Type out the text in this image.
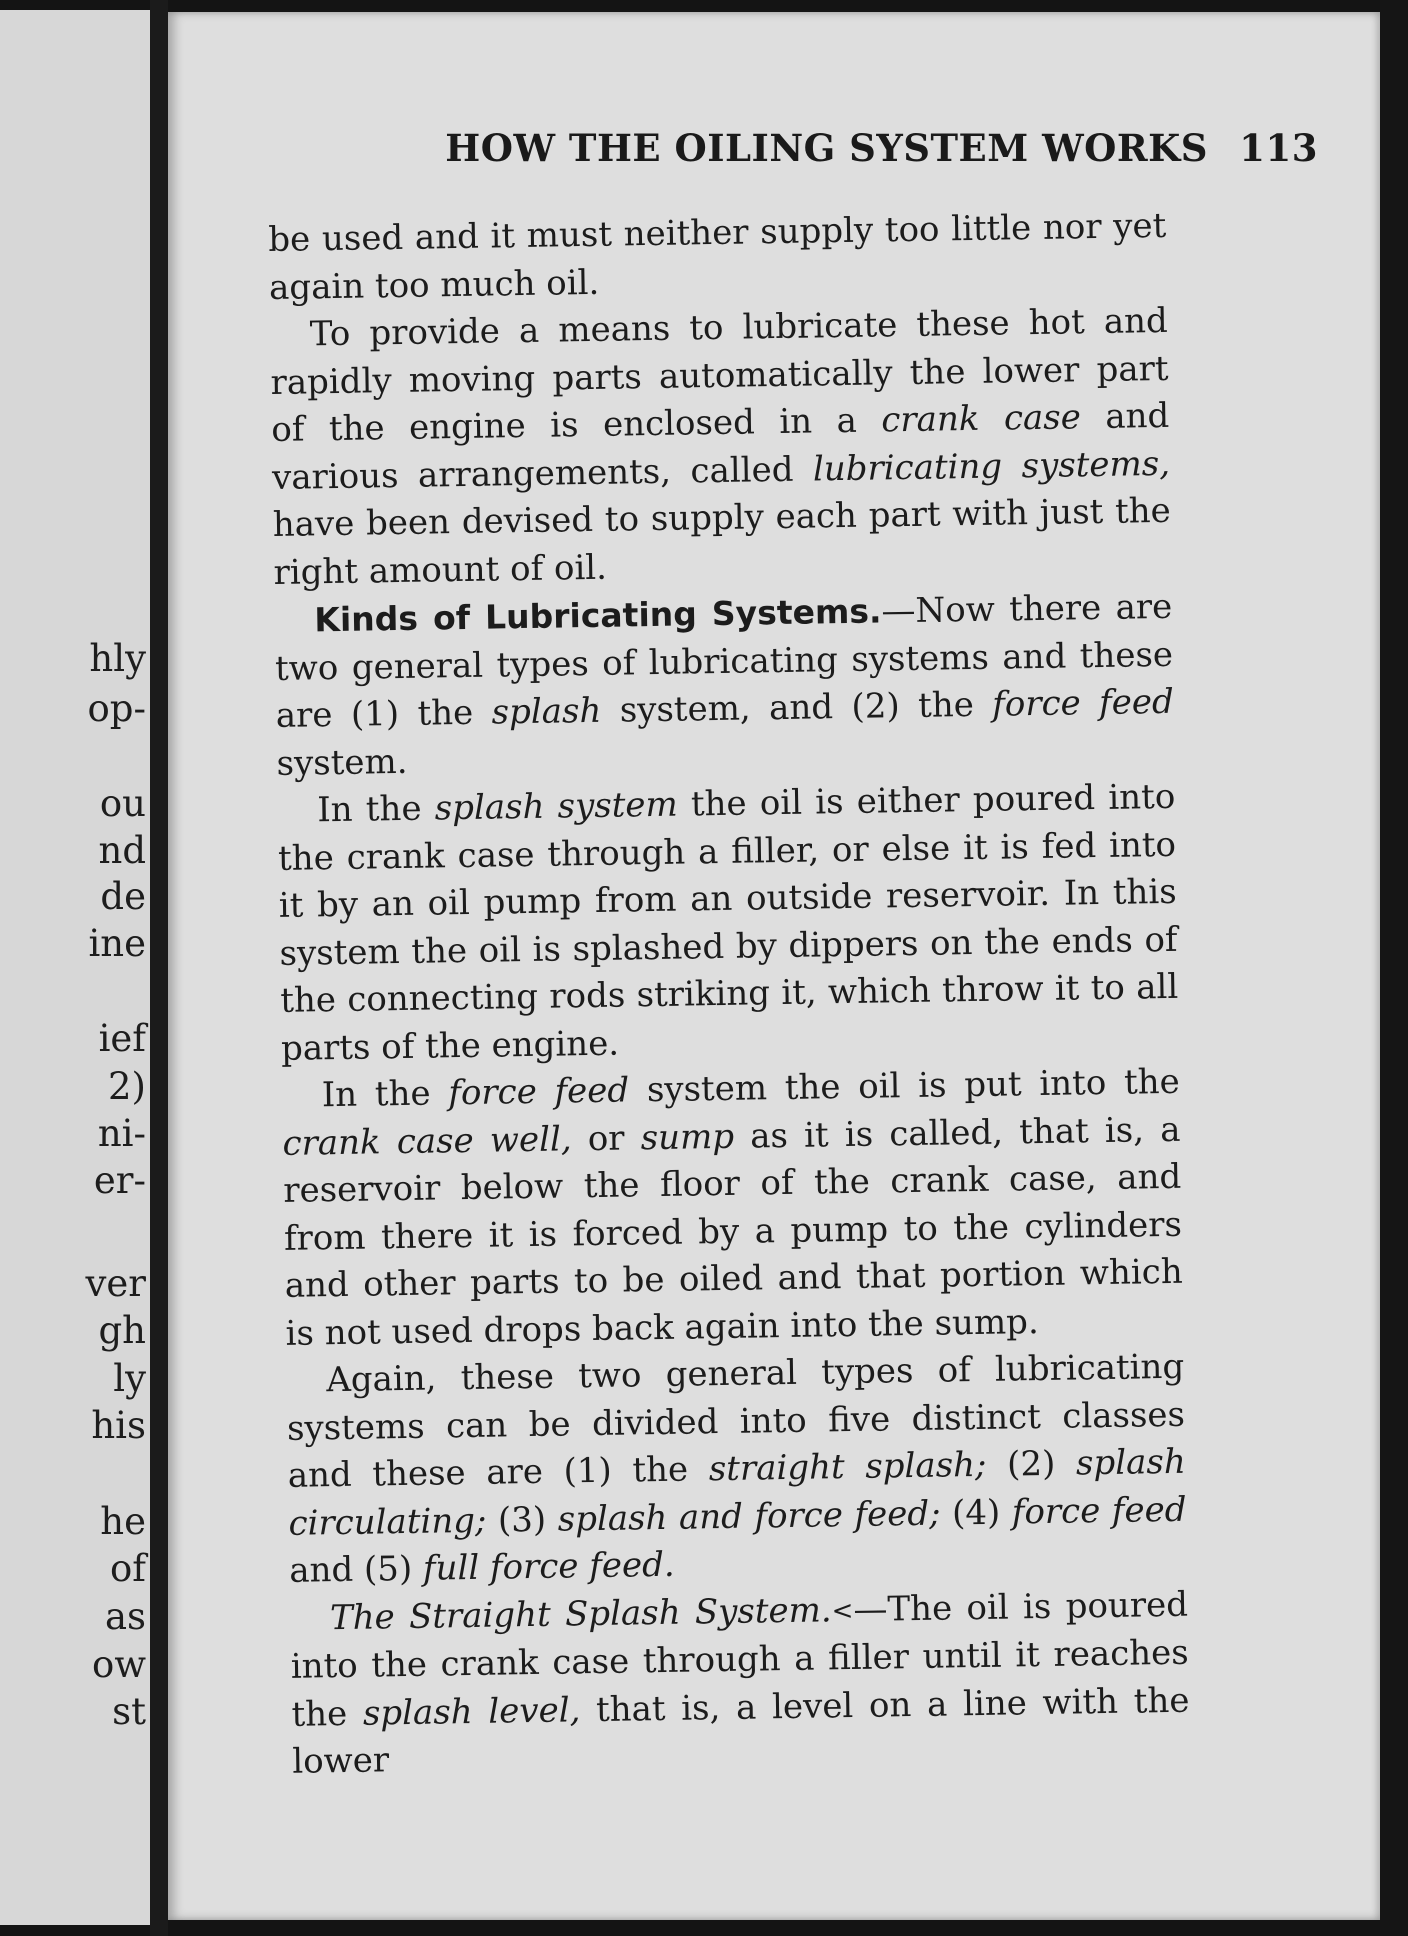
hly
op-
ou
nd
de
ine
ief
2)
ni-
er-
ver
gh
ly
his
he
of
as
ow
st
HOW THE OILING SYSTEM WORKS 113

be used and it must neither supply too little nor yet again too much oil.

To provide a means to lubricate these hot and rapidly moving parts automatically the lower part of the engine is enclosed in a crank case and various arrangements, called lubricating systems, have been devised to supply each part with just the right amount of oil.

Kinds of Lubricating Systems.—Now there are two general types of lubricating systems and these are (1) the splash system, and (2) the force feed system.

In the splash system the oil is either poured into the crank case through a filler, or else it is fed into it by an oil pump from an outside reservoir. In this system the oil is splashed by dippers on the ends of the connecting rods striking it, which throw it to all parts of the engine.

In the force feed system the oil is put into the crank case well, or sump as it is called, that is, a reservoir below the floor of the crank case, and from there it is forced by a pump to the cylinders and other parts to be oiled and that portion which is not used drops back again into the sump.

Again, these two general types of lubricating systems can be divided into five distinct classes and these are (1) the straight splash; (2) splash circulating; (3) splash and force feed; (4) force feed and (5) full force feed.

The Straight Splash System.<—The oil is poured into the crank case through a filler until it reaches the splash level, that is, a level on a line with the lower
